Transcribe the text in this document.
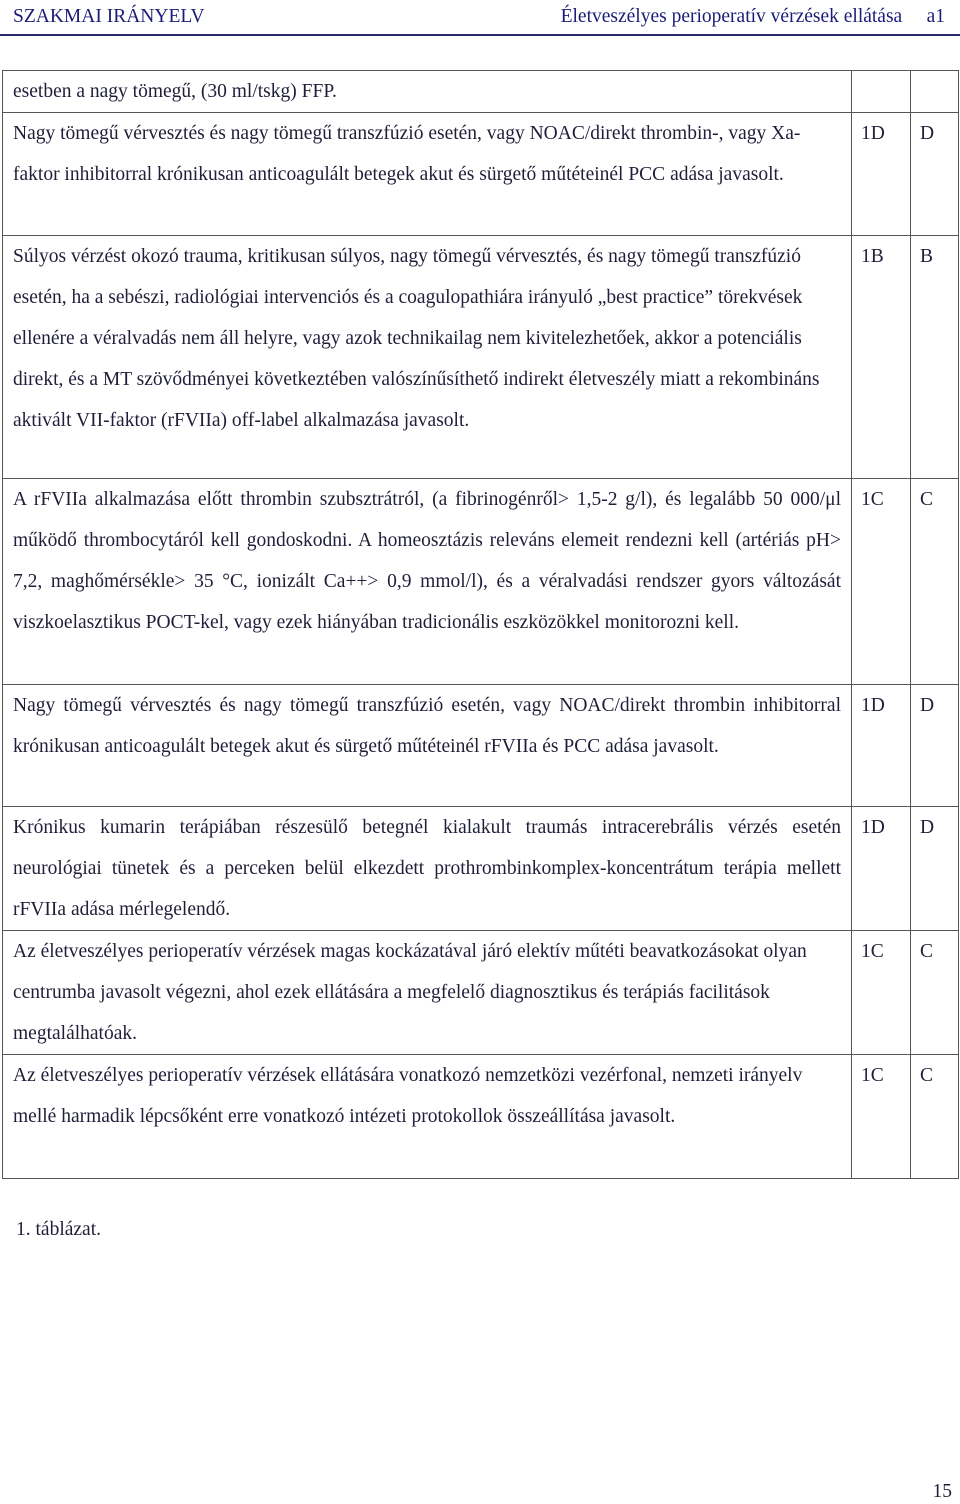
SZAKMAI IRÁNYELV	Életveszélyes perioperatív vérzések ellátása     a1
esetben a nagy tömegű, (30 ml/tskg) FFP.		

Nagy tömegű vérvesztés és nagy tömegű transzfúzió esetén, vagy NOAC/direkt thrombin-, vagy Xa-faktor inhibitorral krónikusan anticoagulált betegek akut és sürgető műtéteinél PCC adása javasolt.	1D	D

Súlyos vérzést okozó trauma, kritikusan súlyos, nagy tömegű vérvesztés, és nagy tömegű transzfúzió esetén, ha a sebészi, radiológiai intervenciós és a coagulopathiára irányuló „best practice” törekvések ellenére a véralvadás nem áll helyre, vagy azok technikailag nem kivitelezhetőek, akkor a potenciális direkt, és a MT szövődményei következtében valószínűsíthető indirekt életveszély miatt a rekombináns aktivált VII-faktor (rFVIIa) off-label alkalmazása javasolt.	1B	B

A rFVIIa alkalmazása előtt thrombin szubsztrátról, (a fibrinogénről> 1,5-2 g/l), és legalább 50 000/μl működő thrombocytáról kell gondoskodni. A homeosztázis releváns elemeit rendezni kell (artériás pH> 7,2, maghőmérsékle> 35 °C, ionizált Ca++> 0,9 mmol/l), és a véralvadási rendszer gyors változását viszkoelasztikus POCT-kel, vagy ezek hiányában tradicionális eszközökkel monitorozni kell.	1C	C

Nagy tömegű vérvesztés és nagy tömegű transzfúzió esetén, vagy NOAC/direkt thrombin inhibitorral krónikusan anticoagulált betegek akut és sürgető műtéteinél rFVIIa és PCC adása javasolt.	1D	D

Krónikus kumarin terápiában részesülő betegnél kialakult traumás intracerebrális vérzés esetén neurológiai tünetek és a perceken belül elkezdett prothrombinkomplex-koncentrátum terápia mellett rFVIIa adása mérlegelendő.	1D	D

Az életveszélyes perioperatív vérzések magas kockázatával járó elektív műtéti beavatkozásokat olyan centrumba javasolt végezni, ahol ezek ellátására a megfelelő diagnosztikus és terápiás facilitások megtalálhatóak.	1C	C

Az életveszélyes perioperatív vérzések ellátására vonatkozó nemzetközi vezérfonal, nemzeti irányelv mellé harmadik lépcsőként erre vonatkozó intézeti protokollok összeállítása javasolt.	1C	C
1. táblázat.
15
